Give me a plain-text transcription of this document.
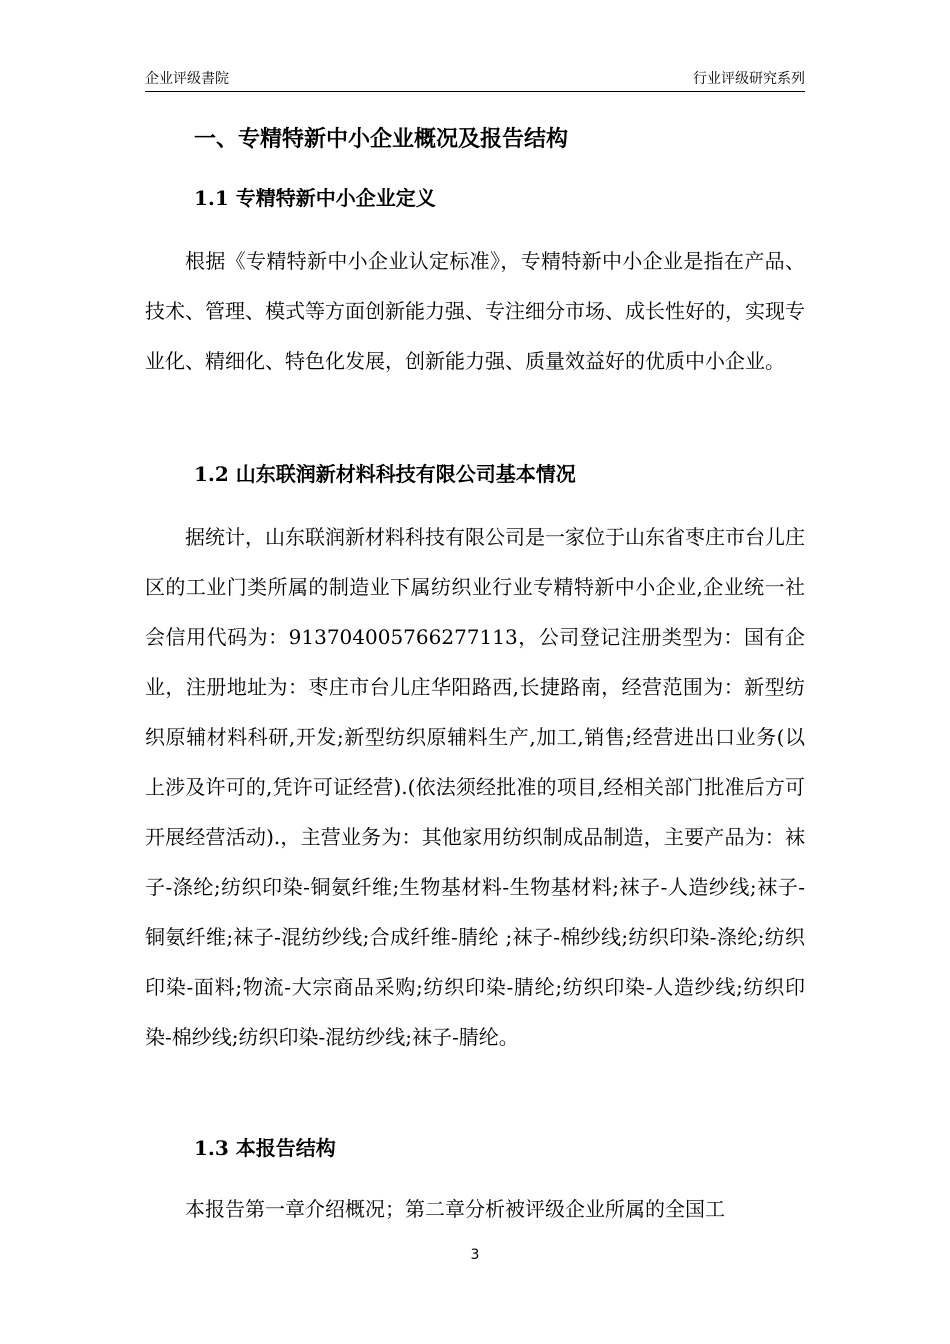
企业评级書院	行业评级研究系列
一、专精特新中小企业概况及报告结构
1.1 专精特新中小企业定义

根据《专精特新中小企业认定标准》，专精特新中小企业是指在产品、技术、管理、模式等方面创新能力强、专注细分市场、成长性好的，实现专业化、精细化、特色化发展，创新能力强、质量效益好的优质中小企业。

1.2 山东联润新材料科技有限公司基本情况

据统计，山东联润新材料科技有限公司是一家位于山东省枣庄市台儿庄区的工业门类所属的制造业下属纺织业行业专精特新中小企业,企业统一社会信用代码为：913704005766277113，公司登记注册类型为：国有企业，注册地址为：枣庄市台儿庄华阳路西,长捷路南，经营范围为：新型纺织原辅材料科研,开发;新型纺织原辅料生产,加工,销售;经营进出口业务(以上涉及许可的,凭许可证经营).(依法须经批准的项目,经相关部门批准后方可开展经营活动).，主营业务为：其他家用纺织制成品制造，主要产品为：袜子-涤纶;纺织印染-铜氨纤维;生物基材料-生物基材料;袜子-人造纱线;袜子-铜氨纤维;袜子-混纺纱线;合成纤维-腈纶 ;袜子-棉纱线;纺织印染-涤纶;纺织印染-面料;物流-大宗商品采购;纺织印染-腈纶;纺织印染-人造纱线;纺织印染-棉纱线;纺织印染-混纺纱线;袜子-腈纶。

1.3 本报告结构

本报告第一章介绍概况；第二章分析被评级企业所属的全国工

3
